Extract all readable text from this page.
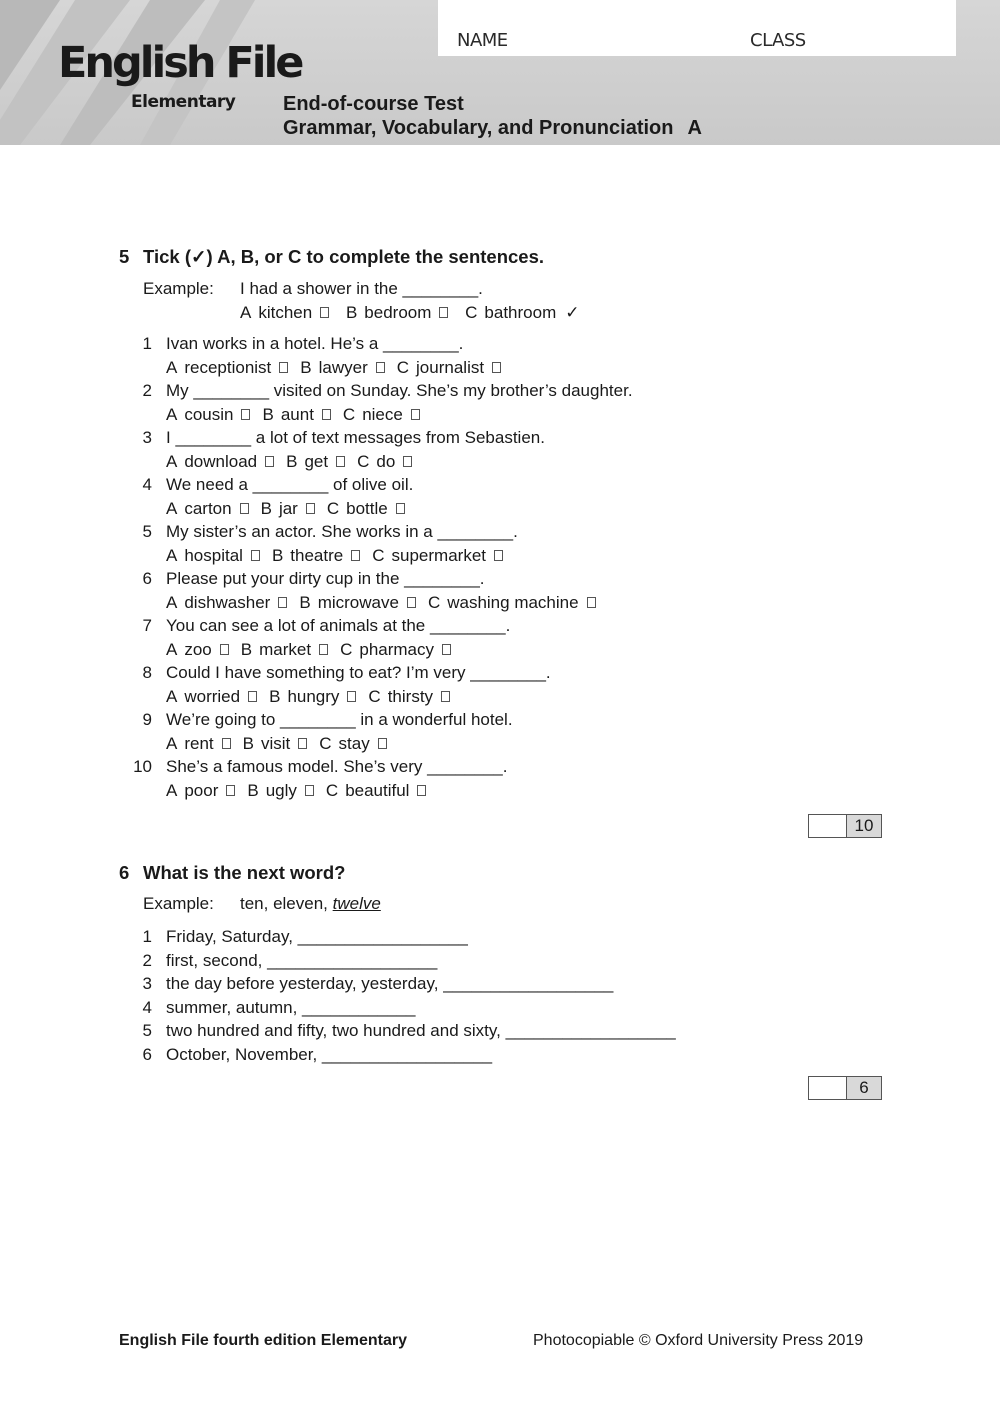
NAME	CLASS
English File
Elementary End-of-course Test
Grammar, Vocabulary, and Pronunciation A
5 Tick (✓) A, B, or C to complete the sentences.
Example: I had a shower in the ________.
A kitchen B bedroom C bathroom ✓
1 Ivan works in a hotel. He’s a ________.
A receptionist B lawyer C journalist
2 My ________ visited on Sunday. She’s my brother’s daughter.
A cousin B aunt C niece
3 I ________ a lot of text messages from Sebastien.
A download B get C do
4 We need a ________ of olive oil.
A carton B jar C bottle
5 My sister’s an actor. She works in a ________.
A hospital B theatre C supermarket
6 Please put your dirty cup in the ________.
A dishwasher B microwave C washing machine
7 You can see a lot of animals at the ________.
A zoo B market C pharmacy
8 Could I have something to eat? I’m very ________.
A worried B hungry C thirsty
9 We’re going to ________ in a wonderful hotel.
A rent B visit C stay
10 She’s a famous model. She’s very ________.
A poor B ugly C beautiful
10
6 What is the next word?
Example: ten, eleven, twelve
1 Friday, Saturday, __________________
2 first, second, __________________
3 the day before yesterday, yesterday, __________________
4 summer, autumn, ____________
5 two hundred and fifty, two hundred and sixty, __________________
6 October, November, __________________
6
English File fourth edition Elementary	Photocopiable © Oxford University Press 2019
